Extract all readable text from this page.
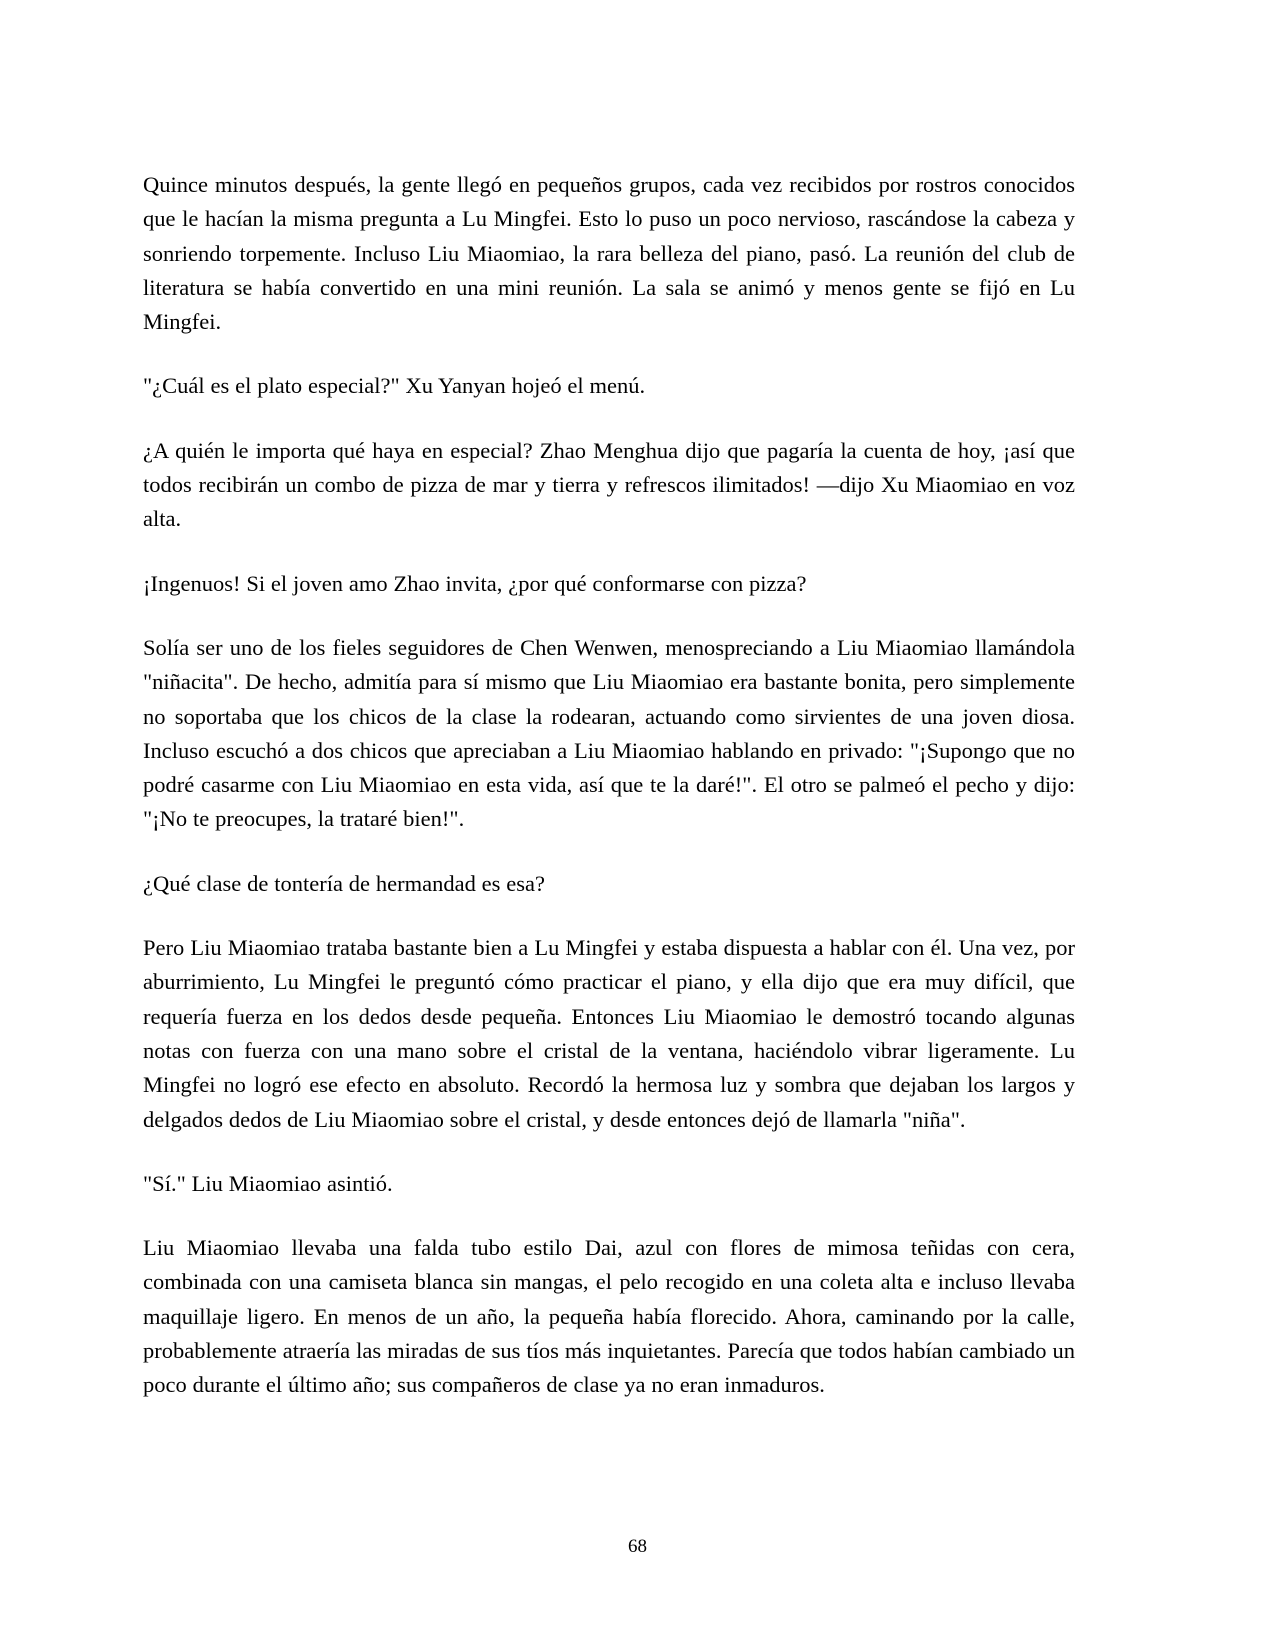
Quince minutos después, la gente llegó en pequeños grupos, cada vez recibidos por rostros conocidos que le hacían la misma pregunta a Lu Mingfei. Esto lo puso un poco nervioso, rascándose la cabeza y sonriendo torpemente. Incluso Liu Miaomiao, la rara belleza del piano, pasó. La reunión del club de literatura se había convertido en una mini reunión. La sala se animó y menos gente se fijó en Lu Mingfei.

"¿Cuál es el plato especial?" Xu Yanyan hojeó el menú.

¿A quién le importa qué haya en especial? Zhao Menghua dijo que pagaría la cuenta de hoy, ¡así que todos recibirán un combo de pizza de mar y tierra y refrescos ilimitados! —dijo Xu Miaomiao en voz alta.

¡Ingenuos! Si el joven amo Zhao invita, ¿por qué conformarse con pizza?

Solía ser uno de los fieles seguidores de Chen Wenwen, menospreciando a Liu Miaomiao llamándola "niñacita". De hecho, admitía para sí mismo que Liu Miaomiao era bastante bonita, pero simplemente no soportaba que los chicos de la clase la rodearan, actuando como sirvientes de una joven diosa. Incluso escuchó a dos chicos que apreciaban a Liu Miaomiao hablando en privado: "¡Supongo que no podré casarme con Liu Miaomiao en esta vida, así que te la daré!". El otro se palmeó el pecho y dijo: "¡No te preocupes, la trataré bien!".

¿Qué clase de tontería de hermandad es esa?

Pero Liu Miaomiao trataba bastante bien a Lu Mingfei y estaba dispuesta a hablar con él. Una vez, por aburrimiento, Lu Mingfei le preguntó cómo practicar el piano, y ella dijo que era muy difícil, que requería fuerza en los dedos desde pequeña. Entonces Liu Miaomiao le demostró tocando algunas notas con fuerza con una mano sobre el cristal de la ventana, haciéndolo vibrar ligeramente. Lu Mingfei no logró ese efecto en absoluto. Recordó la hermosa luz y sombra que dejaban los largos y delgados dedos de Liu Miaomiao sobre el cristal, y desde entonces dejó de llamarla "niña".

"Sí." Liu Miaomiao asintió.

Liu Miaomiao llevaba una falda tubo estilo Dai, azul con flores de mimosa teñidas con cera, combinada con una camiseta blanca sin mangas, el pelo recogido en una coleta alta e incluso llevaba maquillaje ligero. En menos de un año, la pequeña había florecido. Ahora, caminando por la calle, probablemente atraería las miradas de sus tíos más inquietantes. Parecía que todos habían cambiado un poco durante el último año; sus compañeros de clase ya no eran inmaduros.

68
